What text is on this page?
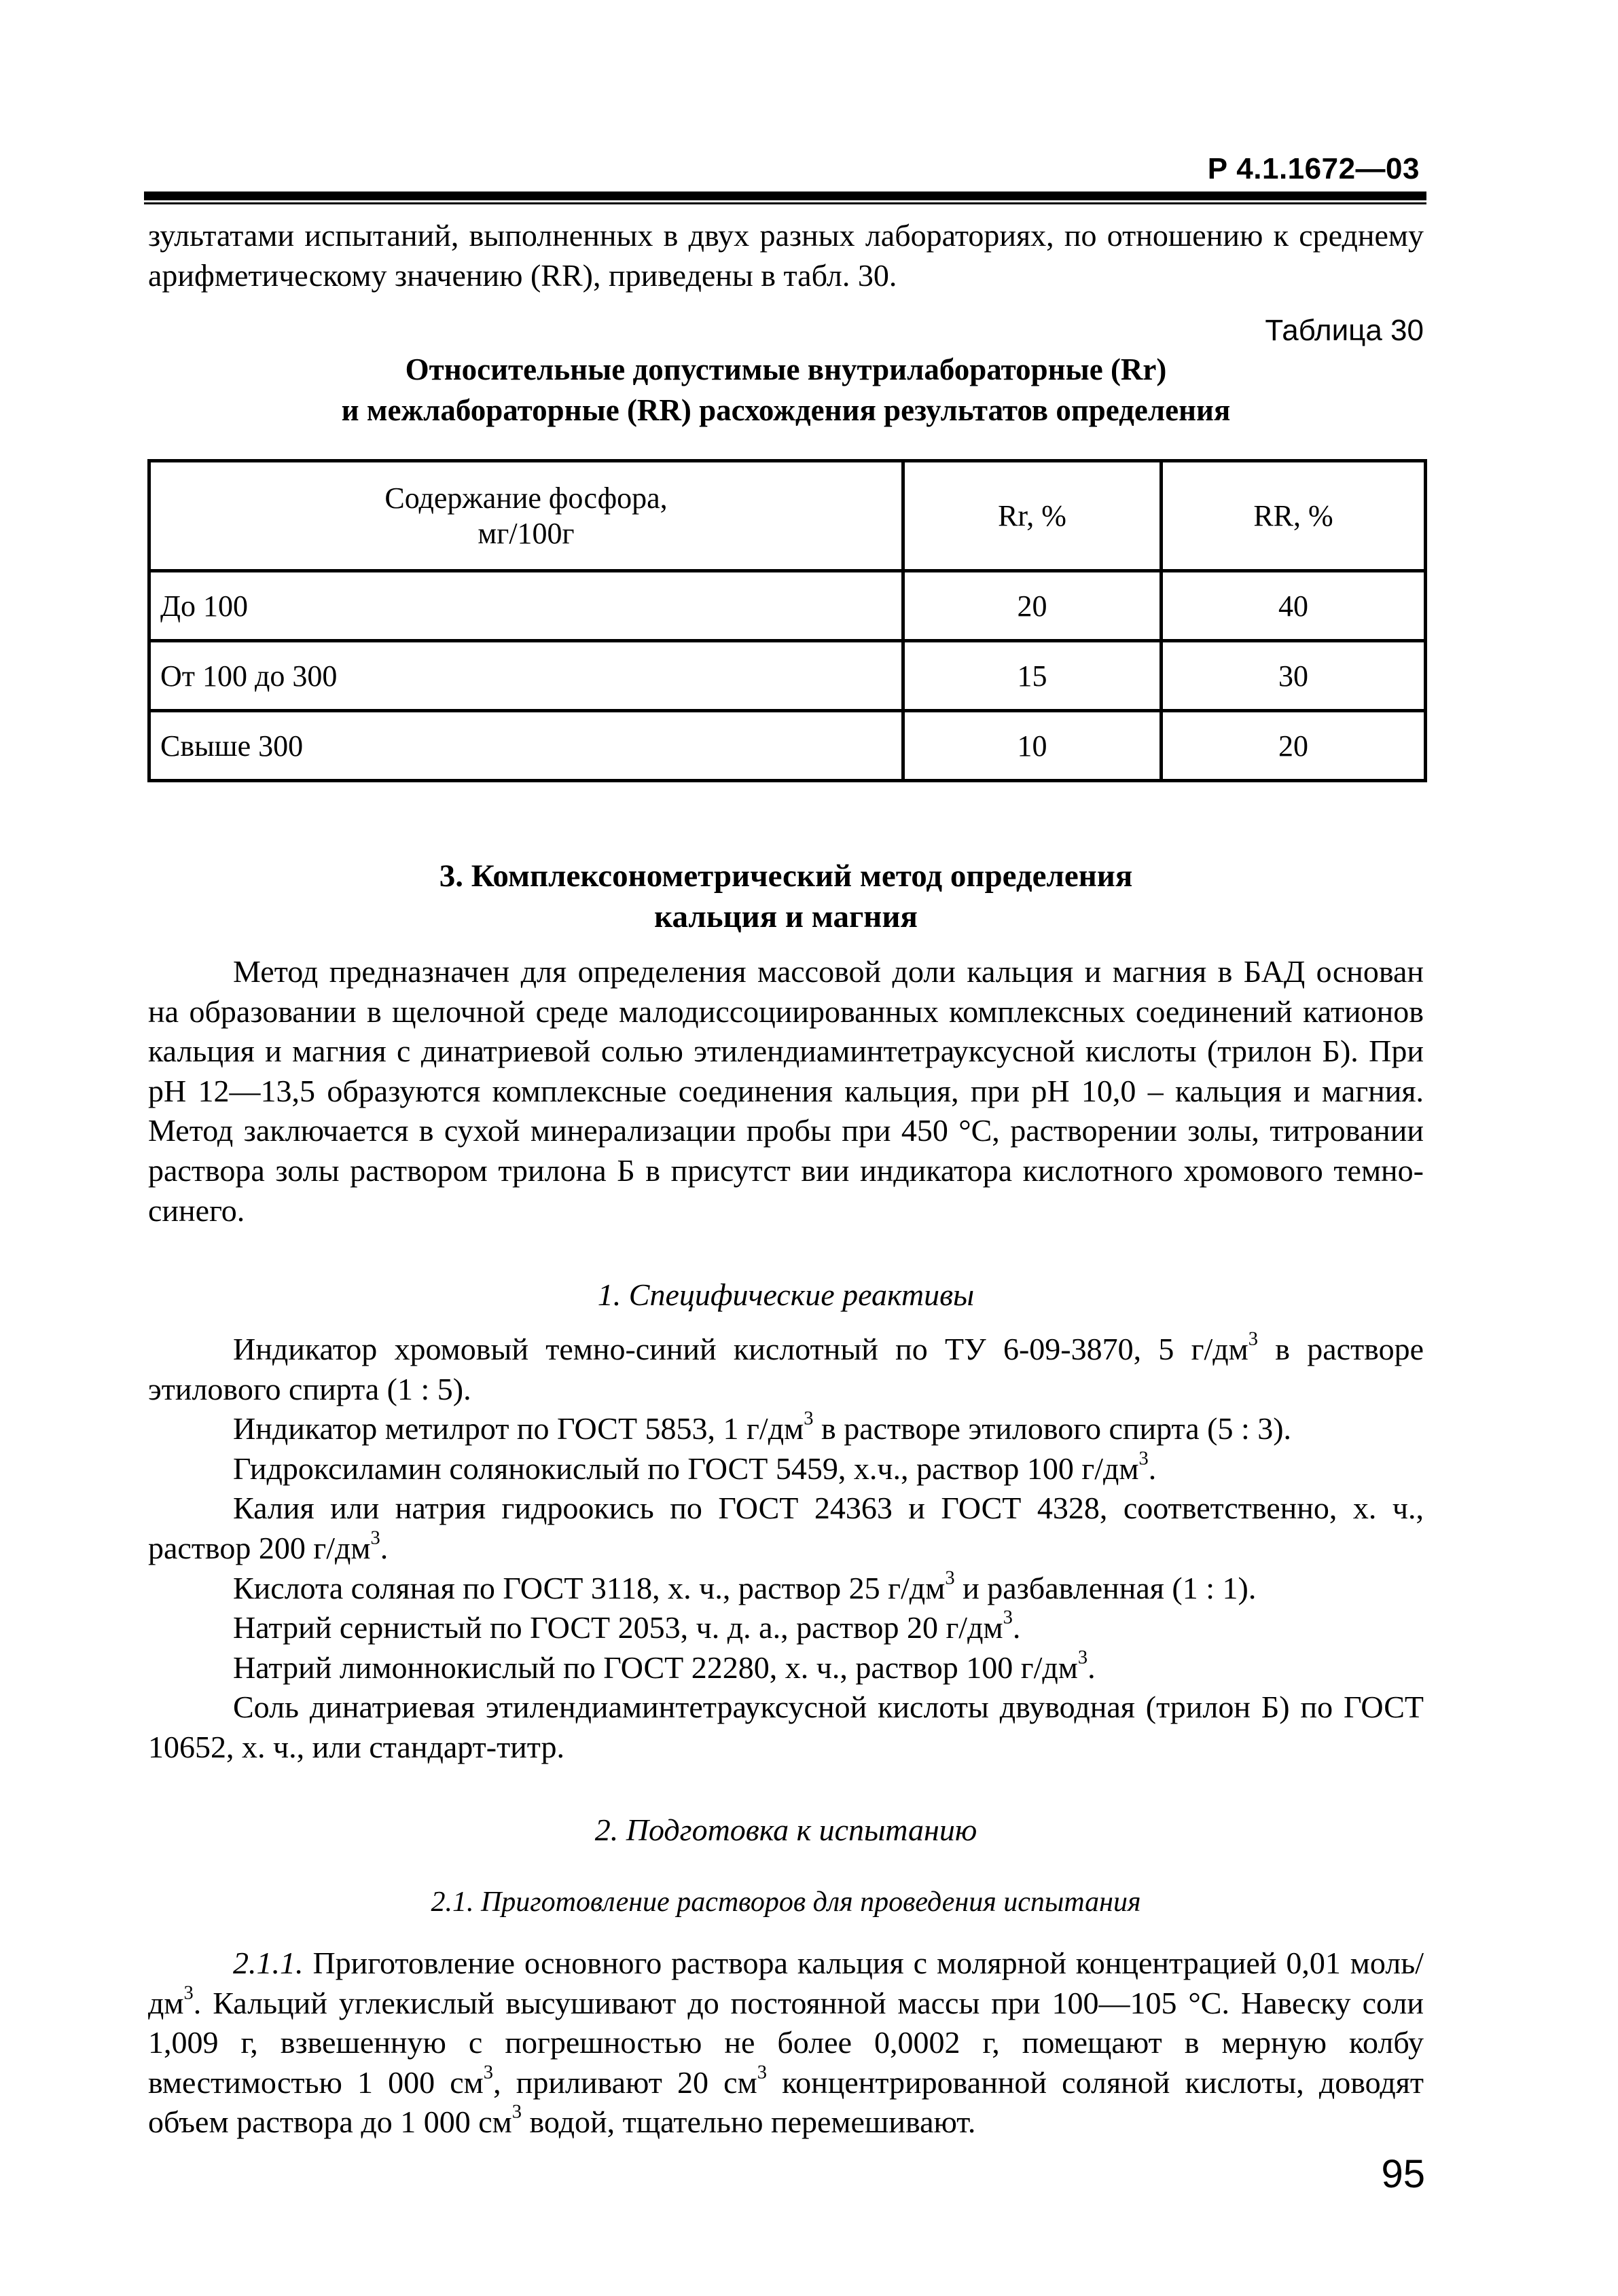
Р 4.1.1672—03

зультатами испытаний, выполненных в двух разных лабораториях, по отношению к среднему арифметическому значению (RR), приведены в табл. 30.

Таблица 30
Относительные допустимые внутрилабораторные (Rr)
и межлабораторные (RR) расхождения результатов определения
Содержание фосфора,
мг/100г	Rr, %	RR, %
До 100	20	40
От 100 до 300	15	30
Свыше 300	10	20
3. Комплексонометрический метод определения
кальция и магния

Метод предназначен для определения массовой доли кальция и магния в БАД основан на образовании в щелочной среде малодиссоциированных комплексных соединений катионов кальция и магния с динатриевой солью этилендиаминтетрауксусной кислоты (трилон Б). При pH 12—13,5 образуются комплексные соединения кальция, при pH 10,0 – кальция и магния. Метод заключается в сухой минерализации пробы при 450 °С, растворении золы, титровании раствора золы раствором трилона Б в присутст вии индикатора кислотного хромового темно-синего.

1. Специфические реактивы

Индикатор хромовый темно-синий кислотный по ТУ 6-09-3870, 5 $г/дм^3$ в растворе этилового спирта (1 : 5).

Индикатор метилрот по ГОСТ 5853, 1 $г/дм^3$ в растворе этилового спирта (5 : 3).

Гидроксиламин солянокислый по ГОСТ 5459, х.ч., раствор 100 $г/дм^3$.

Калия или натрия гидроокись по ГОСТ 24363 и ГОСТ 4328, соответственно, х. ч., раствор 200 $г/дм^3$.

Кислота соляная по ГОСТ 3118, х. ч., раствор 25 $г/дм^3$ и разбавленная (1 : 1).

Натрий сернистый по ГОСТ 2053, ч. д. а., раствор 20 $г/дм^3$.

Натрий лимоннокислый по ГОСТ 22280, х. ч., раствор 100 $г/дм^3$.

Соль динатриевая этилендиаминтетрауксусной кислоты двуводная (трилон Б) по ГОСТ 10652, х. ч., или стандарт-титр.

2. Подготовка к испытанию
2.1. Приготовление растворов для проведения испытания

2.1.1. Приготовление основного раствора кальция с молярной концентрацией 0,01 моль/$дм^3$. Кальций углекислый высушивают до постоянной массы при 100—105 °С. Навеску соли 1,009 г, взвешенную с погрешностью не более 0,0002 г, помещают в мерную колбу вместимостью 1 000 $см^3$, приливают 20 $см^3$ концентрированной соляной кислоты, доводят объем раствора до 1 000 $см^3$ водой, тщательно перемешивают.

95
